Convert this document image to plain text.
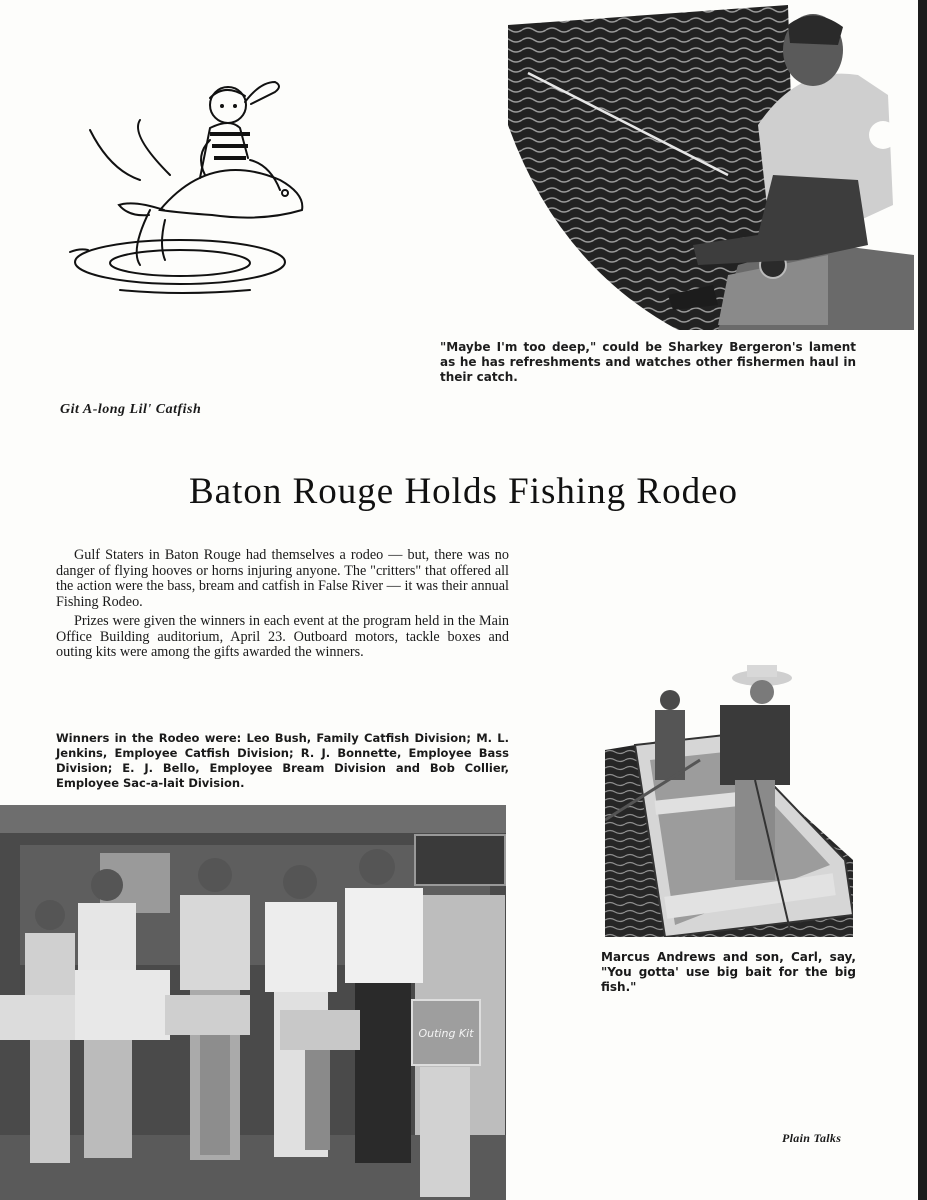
"Maybe I'm too deep," could be Sharkey Bergeron's lament as he has refreshments and watches other fishermen haul in their catch.
Git A-long Lil' Catfish
Baton Rouge Holds Fishing Rodeo

Gulf Staters in Baton Rouge had themselves a rodeo — but, there was no danger of flying hooves or horns injuring anyone. The "critters" that offered all the action were the bass, bream and catfish in False River — it was their annual Fishing Rodeo.

Prizes were given the winners in each event at the program held in the Main Office Building auditorium, April 23. Outboard motors, tackle boxes and outing kits were among the gifts awarded the winners.

Winners in the Rodeo were: Leo Bush, Family Catfish Division; M. L. Jenkins, Employee Catfish Division; R. J. Bonnette, Employee Bass Division; E. J. Bello, Employee Bream Division and Bob Collier, Employee Sac-a-lait Division.
Outing Kit
Marcus Andrews and son, Carl, say, "You gotta' use big bait for the big fish."
Plain Talks
